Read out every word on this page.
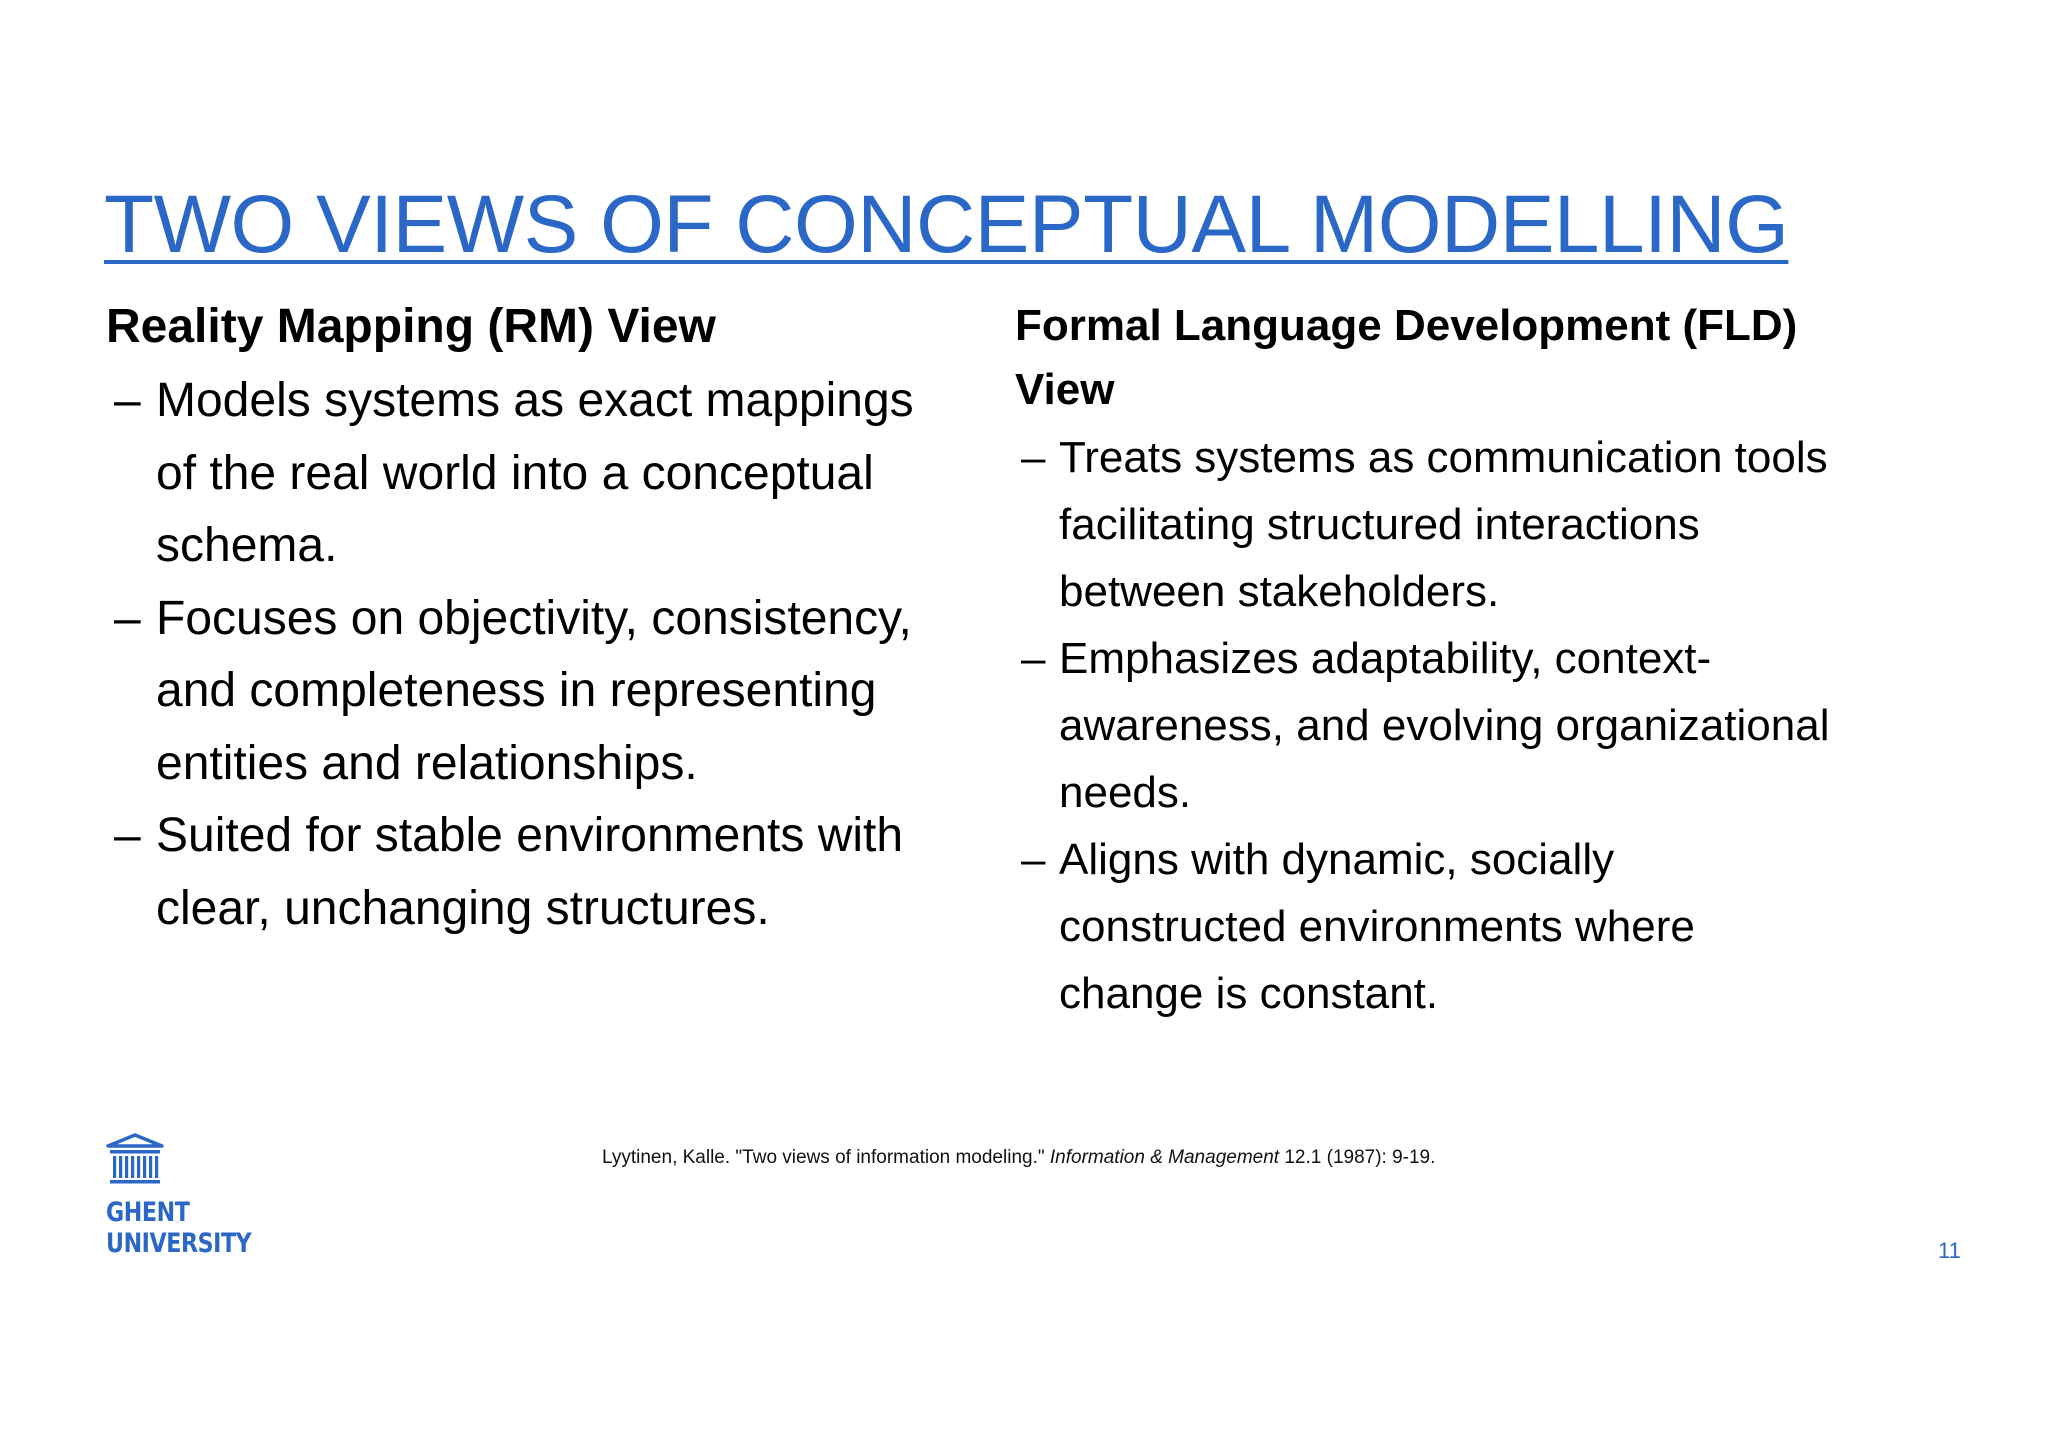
TWO VIEWS OF CONCEPTUAL MODELLING
Reality Mapping (RM) View
– Models systems as exact mappings of the real world into a conceptual schema.
– Focuses on objectivity, consistency, and completeness in representing entities and relationships.
– Suited for stable environments with clear, unchanging structures.
Formal Language Development (FLD) View
– Treats systems as communication tools facilitating structured interactions between stakeholders.
– Emphasizes adaptability, context-awareness, and evolving organizational needs.
– Aligns with dynamic, socially constructed environments where change is constant.
GHENT
UNIVERSITY
Lyytinen, Kalle. "Two views of information modeling." Information & Management 12.1 (1987): 9-19.
11
